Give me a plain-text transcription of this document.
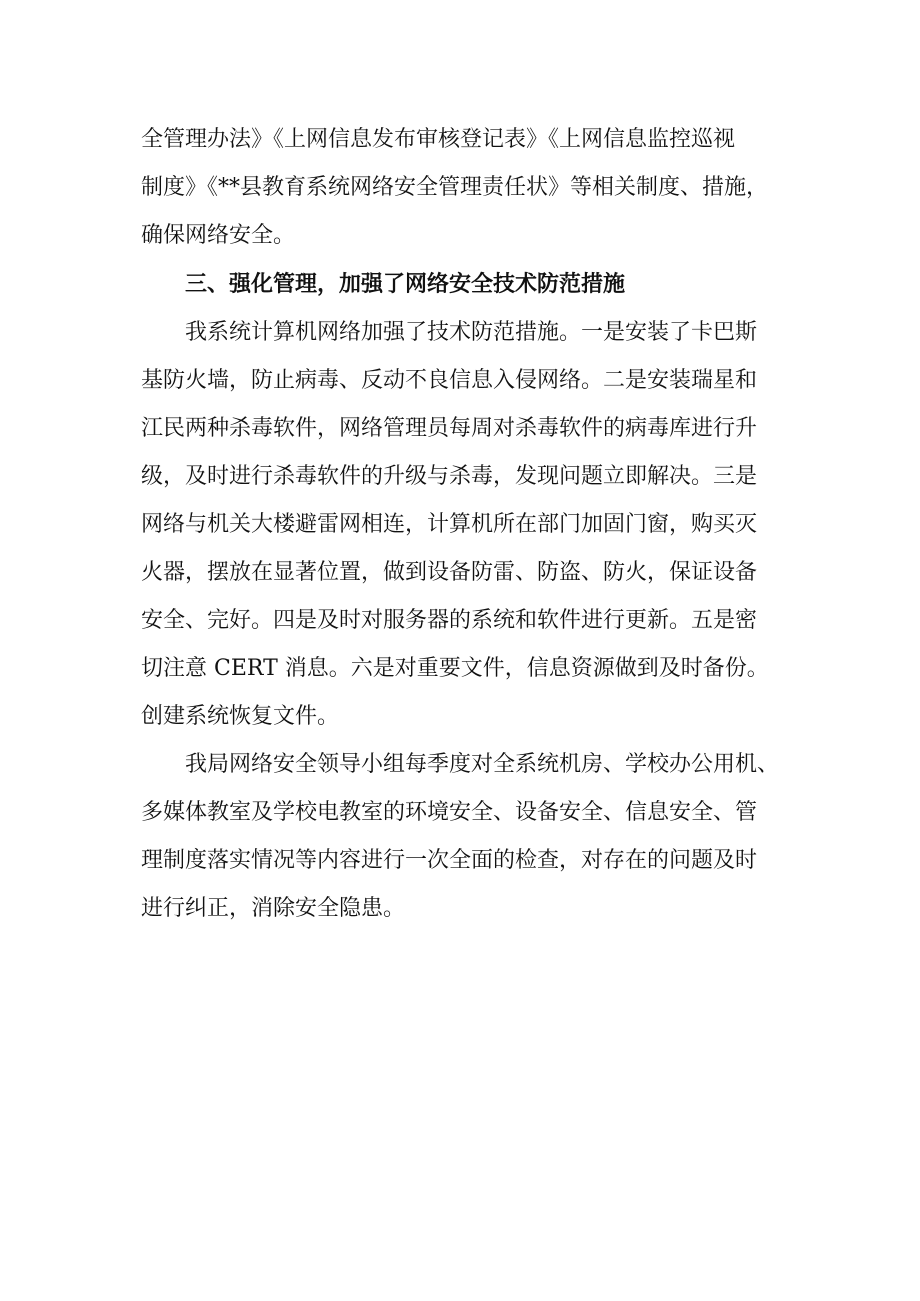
全管理办法》《上网信息发布审核登记表》《上网信息监控巡视
制度》《**县教育系统网络安全管理责任状》等相关制度、措施，
确保网络安全。
三、强化管理，加强了网络安全技术防范措施
我系统计算机网络加强了技术防范措施。一是安装了卡巴斯
基防火墙，防止病毒、反动不良信息入侵网络。二是安装瑞星和
江民两种杀毒软件，网络管理员每周对杀毒软件的病毒库进行升
级，及时进行杀毒软件的升级与杀毒，发现问题立即解决。三是
网络与机关大楼避雷网相连，计算机所在部门加固门窗，购买灭
火器，摆放在显著位置，做到设备防雷、防盗、防火，保证设备
安全、完好。四是及时对服务器的系统和软件进行更新。五是密
切注意 CERT 消息。六是对重要文件，信息资源做到及时备份。
创建系统恢复文件。
我局网络安全领导小组每季度对全系统机房、学校办公用机、
多媒体教室及学校电教室的环境安全、设备安全、信息安全、管
理制度落实情况等内容进行一次全面的检查，对存在的问题及时
进行纠正，消除安全隐患。
